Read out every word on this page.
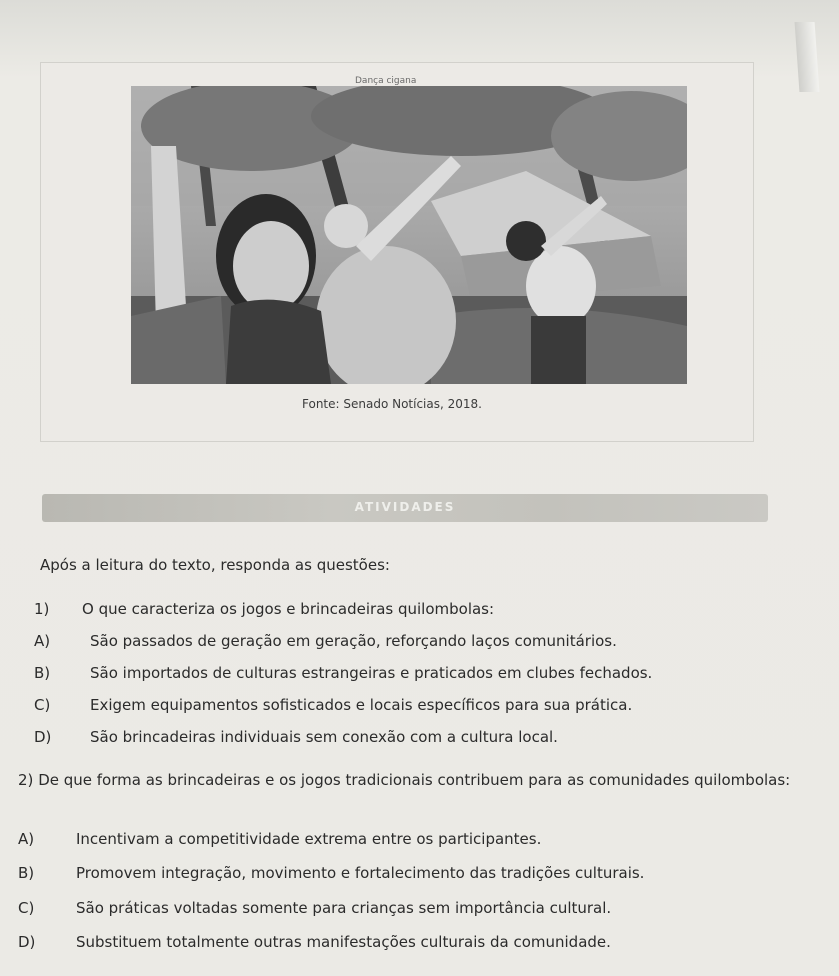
Dança cigana
Fonte: Senado Notícias, 2018.
ATIVIDADES
Após a leitura do texto, responda as questões:
1) O que caracteriza os jogos e brincadeiras quilombolas:
A)	São passados de geração em geração, reforçando laços comunitários.
B)	São importados de culturas estrangeiras e praticados em clubes fechados.
C)	Exigem equipamentos sofisticados e locais específicos para sua prática.
D)	São brincadeiras individuais sem conexão com a cultura local.
2) De que forma as brincadeiras e os jogos tradicionais contribuem para as comunidades quilombolas:
A)	Incentivam a competitividade extrema entre os participantes.
B)	Promovem integração, movimento e fortalecimento das tradições culturais.
C)	São práticas voltadas somente para crianças sem importância cultural.
D)	Substituem totalmente outras manifestações culturais da comunidade.
